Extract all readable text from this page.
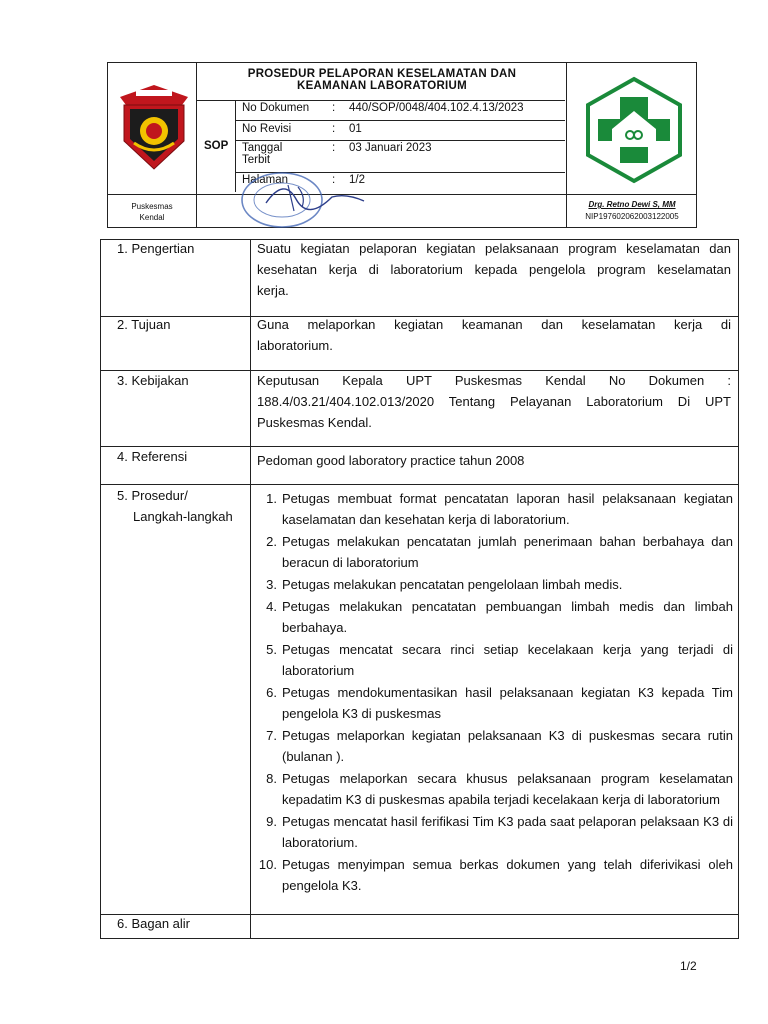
PROSEDUR PELAPORAN KESELAMATAN DAN
KEAMANAN LABORATORIUM
SOP
No Dokumen : 440/SOP/0048/404.102.4.13/2023
No Revisi	: 01
Tanggal Terbit
: 03 Januari 2023
Halaman	: 1/2
Puskesmas
Kendal
Drg. Retno Dewi S, MM
NIP197602062003122005
1. Pengertian	Suatu kegiatan pelaporan kegiatan pelaksanaan program keselamatan dan
kesehatan kerja di laboratorium kepada pengelola program keselamatan
kerja.
2. Tujuan	Guna melaporkan kegiatan keamanan dan keselamatan kerja di
laboratorium.
3. Kebijakan	Keputusan Kepala UPT Puskesmas Kendal No Dokumen :
188.4/03.21/404.102.013/2020 Tentang Pelayanan Laboratorium Di UPT
Puskesmas Kendal.
4. Referensi	Pedoman good laboratory practice tahun 2008
5. Prosedur/
Langkah-langkah
1. Petugas membuat format pencatatan laporan hasil pelaksanaan kegiatan kaselamatan dan kesehatan kerja di laboratorium.
2. Petugas melakukan pencatatan jumlah penerimaan bahan berbahaya dan beracun di laboratorium
3. Petugas melakukan pencatatan pengelolaan limbah medis.
4. Petugas melakukan pencatatan pembuangan limbah medis dan limbah berbahaya.
5. Petugas mencatat secara rinci setiap kecelakaan kerja yang terjadi di laboratorium
6. Petugas mendokumentasikan hasil pelaksanaan kegiatan K3 kepada Tim pengelola K3 di puskesmas
7. Petugas melaporkan kegiatan pelaksanaan K3 di puskesmas secara rutin (bulanan ).
8. Petugas melaporkan secara khusus pelaksanaan program keselamatan kepadatim K3 di puskesmas apabila terjadi kecelakaan kerja di laboratorium
9. Petugas mencatat hasil ferifikasi Tim K3 pada saat pelaporan pelaksaan K3 di laboratorium.
10. Petugas menyimpan semua berkas dokumen yang telah diferivikasi oleh pengelola K3.
6. Bagan alir
1/2
